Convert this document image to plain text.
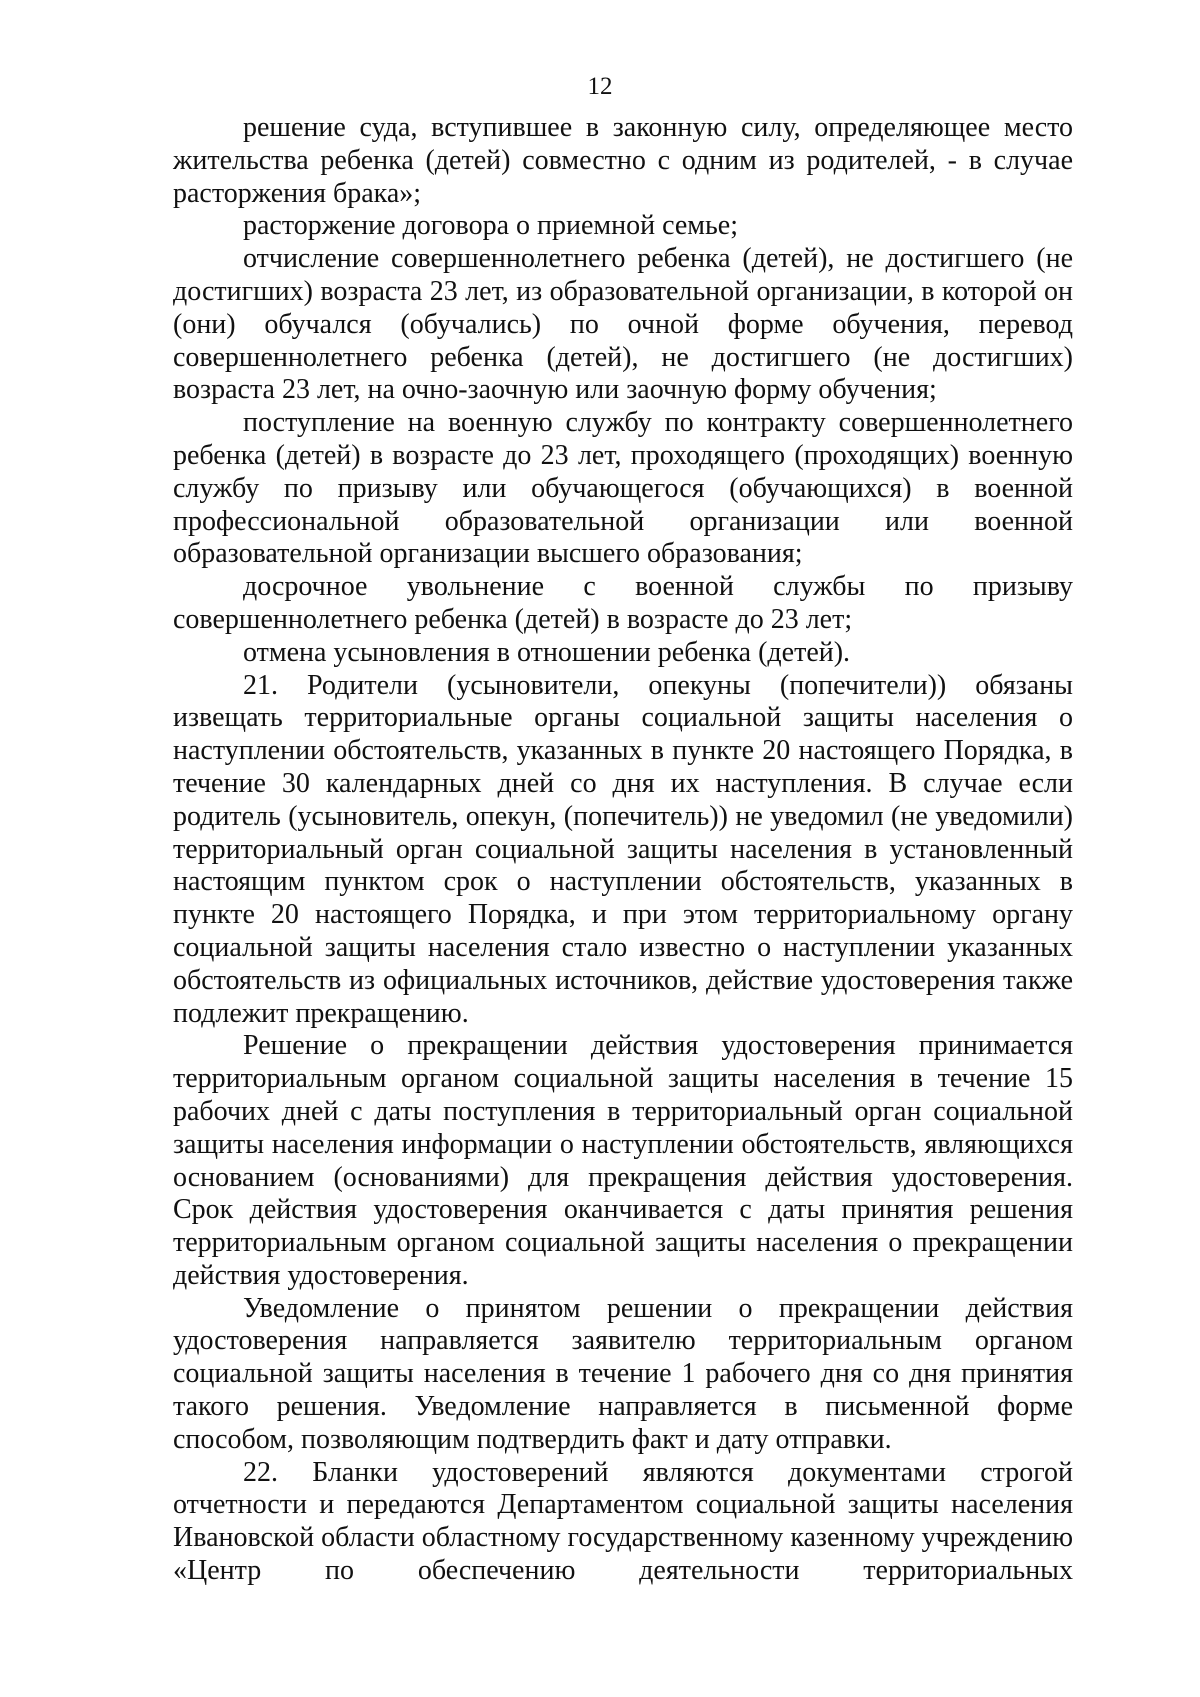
12

решение суда, вступившее в законную силу, определяющее место жительства ребенка (детей) совместно с одним из родителей, - в случае расторжения брака»;

расторжение договора о приемной семье;

отчисление совершеннолетнего ребенка (детей), не достигшего (не достигших) возраста 23 лет, из образовательной организации, в которой он (они) обучался (обучались) по очной форме обучения, перевод совершеннолетнего ребенка (детей), не достигшего (не достигших) возраста 23 лет, на очно-заочную или заочную форму обучения;

поступление на военную службу по контракту совершеннолетнего ребенка (детей) в возрасте до 23 лет, проходящего (проходящих) военную службу по призыву или обучающегося (обучающихся) в военной профессиональной образовательной организации или военной образовательной организации высшего образования;

досрочное увольнение с военной службы по призыву совершеннолетнего ребенка (детей) в возрасте до 23 лет;

отмена усыновления в отношении ребенка (детей).

21. Родители (усыновители, опекуны (попечители)) обязаны извещать территориальные органы социальной защиты населения о наступлении обстоятельств, указанных в пункте 20 настоящего Порядка, в течение 30 календарных дней со дня их наступления. В случае если родитель (усыновитель, опекун, (попечитель)) не уведомил (не уведомили) территориальный орган социальной защиты населения в установленный настоящим пунктом срок о наступлении обстоятельств, указанных в пункте 20 настоящего Порядка, и при этом территориальному органу социальной защиты населения стало известно о наступлении указанных обстоятельств из официальных источников, действие удостоверения также подлежит прекращению.

Решение о прекращении действия удостоверения принимается территориальным органом социальной защиты населения в течение 15 рабочих дней с даты поступления в территориальный орган социальной защиты населения информации о наступлении обстоятельств, являющихся основанием (основаниями) для прекращения действия удостоверения. Срок действия удостоверения оканчивается с даты принятия решения территориальным органом социальной защиты населения о прекращении действия удостоверения.

Уведомление о принятом решении о прекращении действия удостоверения направляется заявителю территориальным органом социальной защиты населения в течение 1 рабочего дня со дня принятия такого решения. Уведомление направляется в письменной форме способом, позволяющим подтвердить факт и дату отправки.

22. Бланки удостоверений являются документами строгой отчетности и передаются Департаментом социальной защиты населения Ивановской области областному государственному казенному учреждению «Центр по обеспечению деятельности территориальных
